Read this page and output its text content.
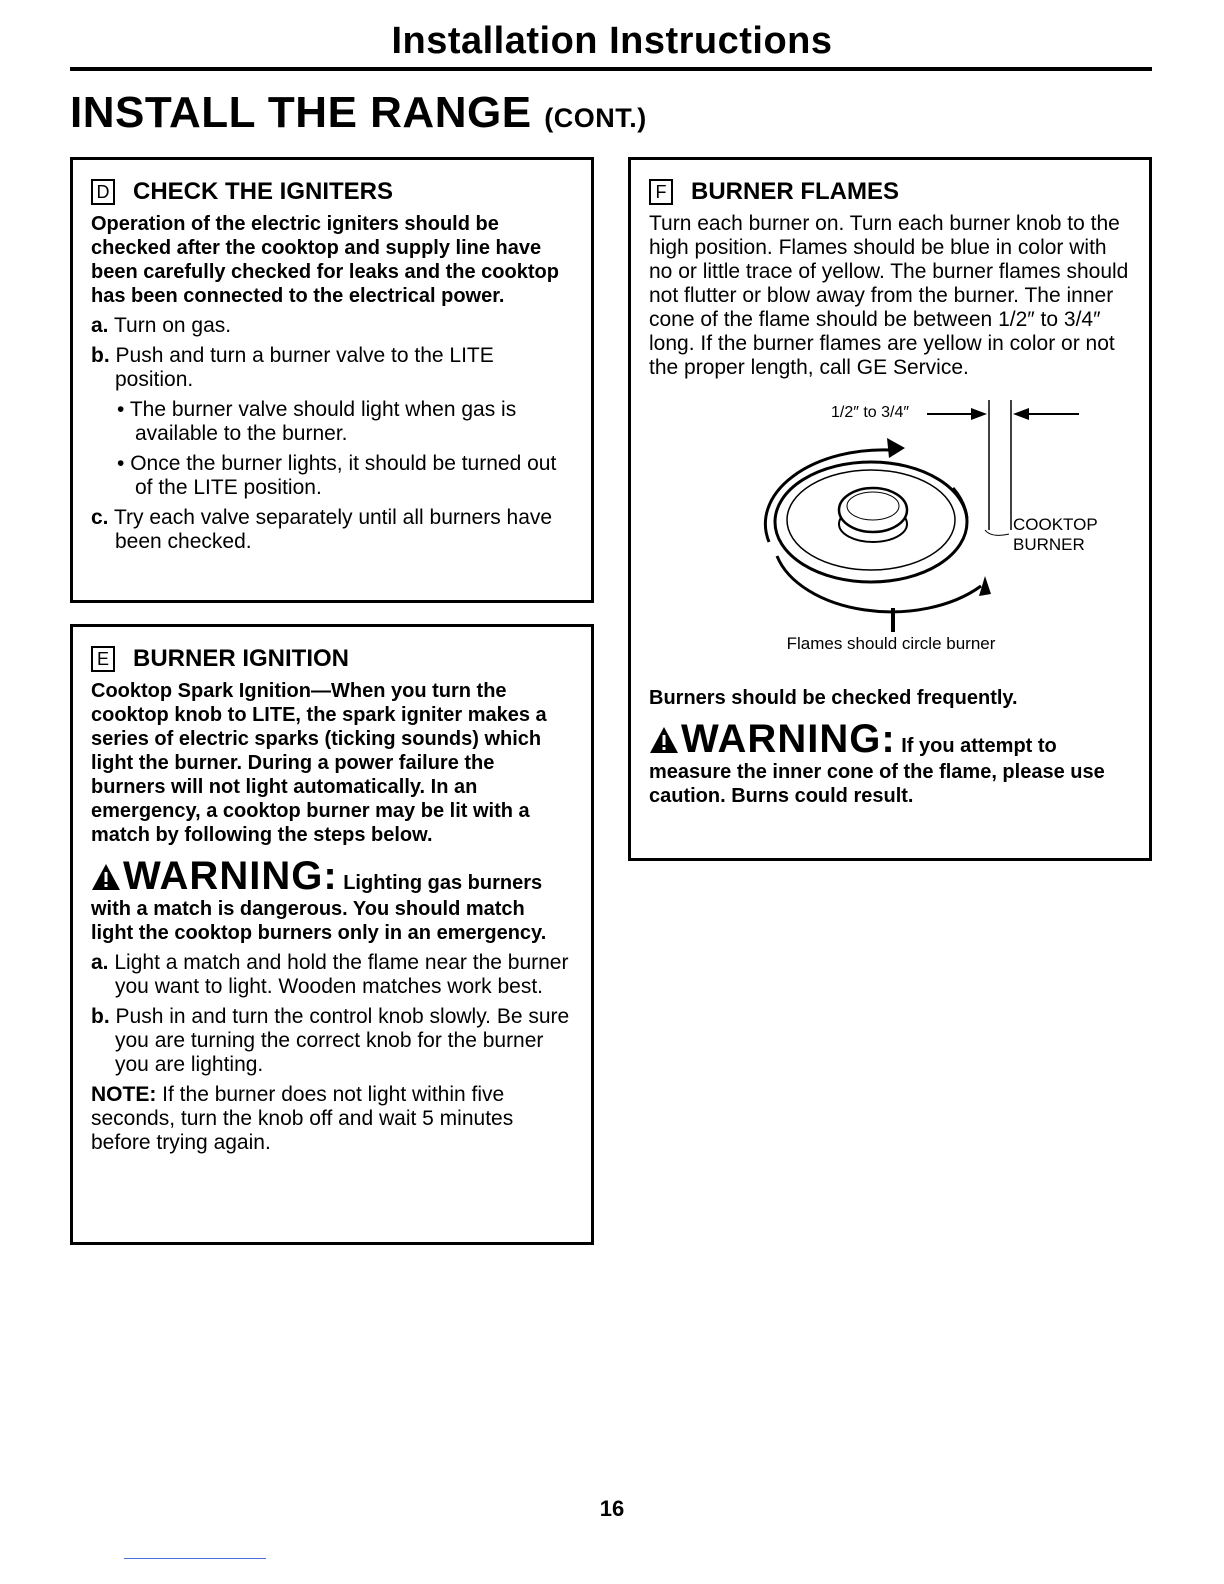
Installation Instructions
INSTALL THE RANGE (CONT.)
D CHECK THE IGNITERS

Operation of the electric igniters should be checked after the cooktop and supply line have been carefully checked for leaks and the cooktop has been connected to the electrical power.

a. Turn on gas.

b. Push and turn a burner valve to the LITE position.

• The burner valve should light when gas is available to the burner.

• Once the burner lights, it should be turned out of the LITE position.

c. Try each valve separately until all burners have been checked.

E BURNER IGNITION

Cooktop Spark Ignition—When you turn the cooktop knob to LITE, the spark igniter makes a series of electric sparks (ticking sounds) which light the burner. During a power failure the burners will not light automatically. In an emergency, a cooktop burner may be lit with a match by following the steps below.

WARNING: Lighting gas burners with a match is dangerous. You should match light the cooktop burners only in an emergency.

a. Light a match and hold the flame near the burner you want to light. Wooden matches work best.

b. Push in and turn the control knob slowly. Be sure you are turning the correct knob for the burner you are lighting.

NOTE: If the burner does not light within five seconds, turn the knob off and wait 5 minutes before trying again.

F BURNER FLAMES

Turn each burner on. Turn each burner knob to the high position. Flames should be blue in color with no or little trace of yellow. The burner flames should not flutter or blow away from the burner. The inner cone of the flame should be between 1/2″ to 3/4″ long. If the burner flames are yellow in color or not the proper length, call GE Service.

1/2″ to 3/4″
COOKTOP
BURNER
Flames should circle burner

Burners should be checked frequently.

WARNING: If you attempt to measure the inner cone of the flame, please use caution. Burns could result.

16
